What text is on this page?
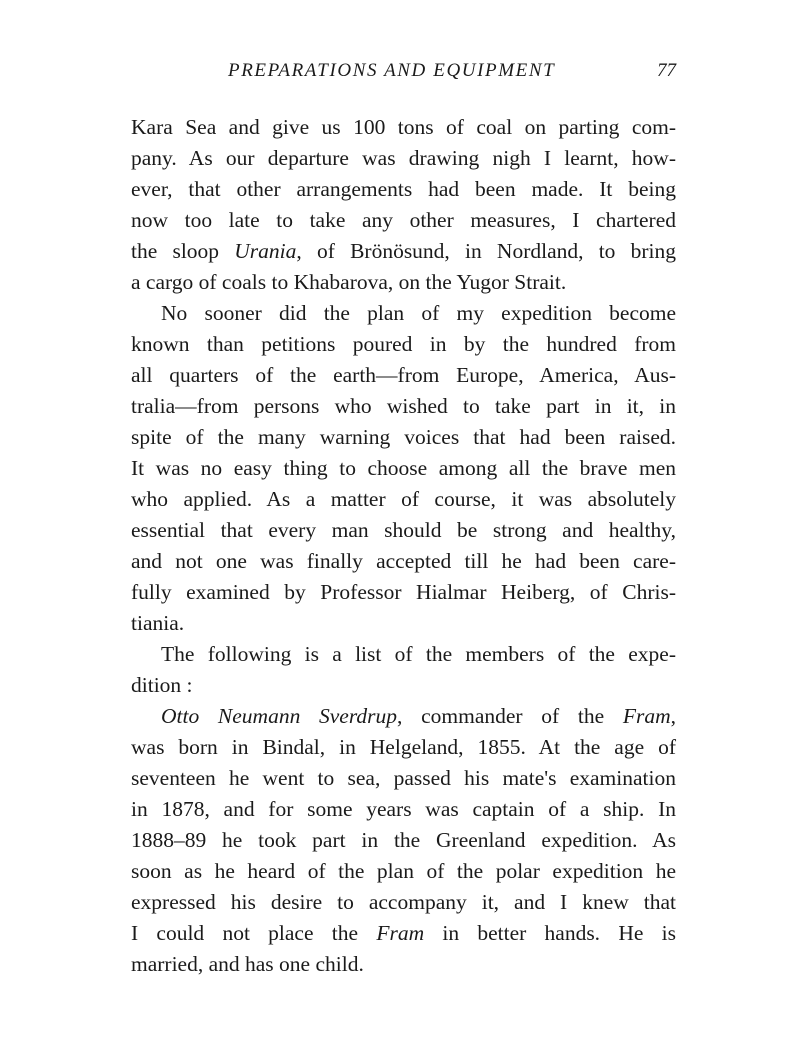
PREPARATIONS AND EQUIPMENT	77
Kara Sea and give us 100 tons of coal on parting com-
pany. As our departure was drawing nigh I learnt, how-
ever, that other arrangements had been made. It being
now too late to take any other measures, I chartered
the sloop Urania, of Brönösund, in Nordland, to bring
a cargo of coals to Khabarova, on the Yugor Strait.
No sooner did the plan of my expedition become
known than petitions poured in by the hundred from
all quarters of the earth—from Europe, America, Aus-
tralia—from persons who wished to take part in it, in
spite of the many warning voices that had been raised.
It was no easy thing to choose among all the brave men
who applied. As a matter of course, it was absolutely
essential that every man should be strong and healthy,
and not one was finally accepted till he had been care-
fully examined by Professor Hialmar Heiberg, of Chris-
tiania.
The following is a list of the members of the expe-
dition :
Otto Neumann Sverdrup, commander of the Fram,
was born in Bindal, in Helgeland, 1855. At the age of
seventeen he went to sea, passed his mate's examination
in 1878, and for some years was captain of a ship. In
1888–89 he took part in the Greenland expedition. As
soon as he heard of the plan of the polar expedition he
expressed his desire to accompany it, and I knew that
I could not place the Fram in better hands. He is
married, and has one child.
